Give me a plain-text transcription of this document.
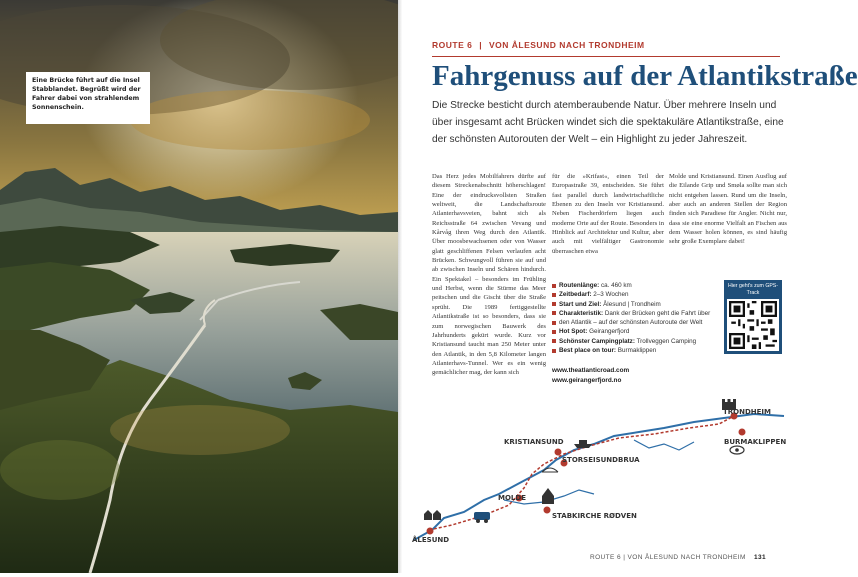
Eine Brücke führt auf die Insel Stabblandet. Begrüßt wird der Fahrer dabei von strahlendem Sonnenschein.
ROUTE 6 | VON ÅLESUND NACH TRONDHEIM
Fahrgenuss auf der Atlantikstraße

Die Strecke besticht durch atemberaubende Natur. Über mehrere Inseln und über insgesamt acht Brücken windet sich die spektakuläre Atlantikstraße, eine der schönsten Autorouten der Welt – ein Highlight zu jeder Jahreszeit.

Das Herz jedes Mobilfahrers dürfte auf diesem Streckenabschnitt höherschlagen! Eine der eindrucksvollsten Straßen weltweit, die Landschaftsroute Atlanterhavsveien, bahnt sich als Reichsstraße 64 zwischen Vevang und Kårvåg ihren Weg durch den Atlantik. Über moosbewachsenen oder von Wasser glatt geschliffenen Felsen verlaufen acht Brücken. Schwungvoll führen sie auf und ab zwischen Inseln und Schären hindurch. Ein Spektakel – besonders im Frühling und Herbst, wenn die Stürme das Meer peitschen und die Gischt über die Straße sprüht. Die 1989 fertiggestellte Atlantikstraße ist so besonders, dass sie zum norwegischen Bauwerk des Jahrhunderts gekürt wurde. Kurz vor Kristiansund taucht man 250 Meter unter den Atlantik, in den 5,8 Kilometer langen Atlanterhavs-Tunnel. Wer es ein wenig gemächlicher mag, der kann sich

für die »Krifast«, einen Teil der Europastraße 39, entscheiden. Sie führt fast parallel durch landwirtschaftliche Ebenen zu den Inseln vor Kristiansund. Neben Fischerdörfern liegen auch moderne Orte auf der Route. Besonders in Hinblick auf Architektur und Kultur, aber auch mit vielfältiger Gastronomie überraschen etwa

Molde und Kristiansund. Einen Ausflug auf die Eilande Grip und Smøla sollte man sich nicht entgehen lassen. Rund um die Inseln, aber auch an anderen Stellen der Region finden sich Paradiese für Angler. Nicht nur, dass sie eine enorme Vielfalt an Fischen aus dem Wasser holen können, es sind häufig sehr große Exemplare dabei!

Routenlänge: ca. 460 km
Zeitbedarf: 2–3 Wochen
Start und Ziel: Ålesund | Trondheim
Charakteristik: Dank der Brücken geht die Fahrt über
den Atlantik – auf der schönsten Autoroute der Welt
Hot Spot: Geirangerfjord
Schönster Campingplatz: Trollveggen Camping
Best place on tour: Burmaklippen
www.theatlanticroad.com
www.geirangerfjord.no
Hier geht's zum GPS-Track
TRONDHEIM
BURMAKLIPPEN
KRISTIANSUND
STORSEISUNDBRUA
MOLDE
STABKIRCHE RØDVEN
ÅLESUND
ROUTE 6 | VON ÅLESUND NACH TRONDHEIM 131
